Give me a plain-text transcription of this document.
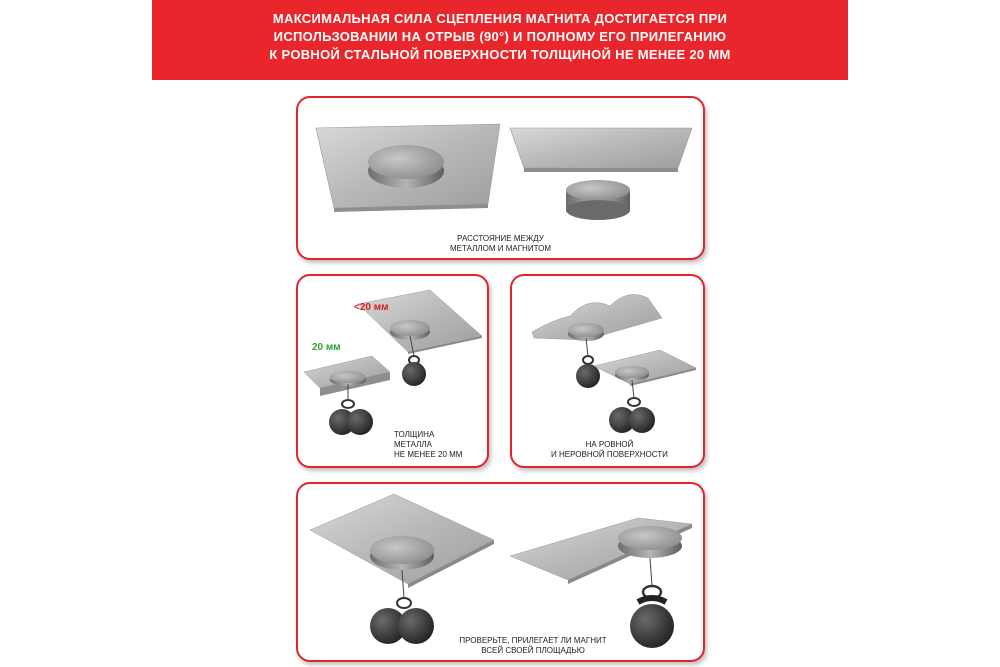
МАКСИМАЛЬНАЯ СИЛА СЦЕПЛЕНИЯ МАГНИТА ДОСТИГАЕТСЯ ПРИ
ИСПОЛЬЗОВАНИИ НА ОТРЫВ (90°) И ПОЛНОМУ ЕГО ПРИЛЕГАНИЮ
К РОВНОЙ СТАЛЬНОЙ ПОВЕРХНОСТИ ТОЛЩИНОЙ НЕ МЕНЕЕ 20 ММ
РАССТОЯНИЕ МЕЖДУ
МЕТАЛЛОМ И МАГНИТОМ
<20 мм
20 мм
ТОЛЩИНА
МЕТАЛЛА
НЕ МЕНЕЕ 20 ММ
НА РОВНОЙ
И НЕРОВНОЙ ПОВЕРХНОСТИ
ПРОВЕРЬТЕ, ПРИЛЕГАЕТ ЛИ МАГНИТ
ВСЕЙ СВОЕЙ ПЛОЩАДЬЮ
